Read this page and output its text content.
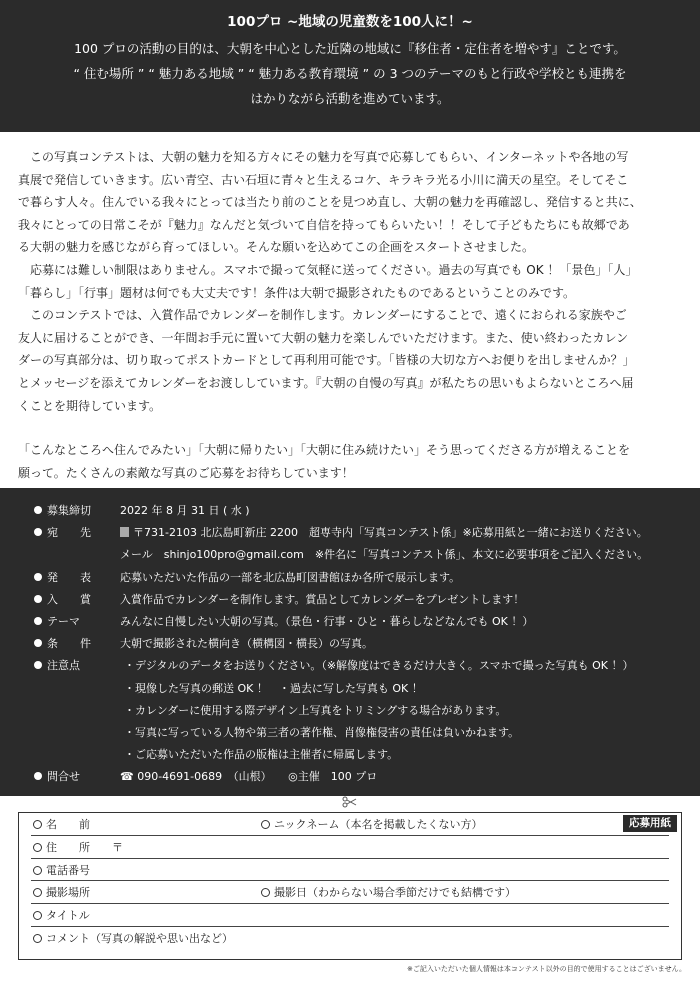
100プロ ~地域の児童数を100人に！~
100 プロの活動の目的は、大朝を中心とした近隣の地域に『移住者・定住者を増やす』ことです。
“ 住む場所 ” “ 魅力ある地域 ” “ 魅力ある教育環境 ” の 3 つのテーマのもと行政や学校とも連携を
はかりながら活動を進めています。

　この写真コンテストは、大朝の魅力を知る方々にその魅力を写真で応募してもらい、インターネットや各地の写

真展で発信していきます。広い青空、古い石垣に青々と生えるコケ、キラキラ光る小川に満天の星空。そしてそこ

で暮らす人々。住んでいる我々にとっては当たり前のことを見つめ直し、大朝の魅力を再確認し、発信すると共に、

我々にとっての日常こそが『魅力』なんだと気づいて自信を持ってもらいたい！！そして子どもたちにも故郷であ

る大朝の魅力を感じながら育ってほしい。そんな願いを込めてこの企画をスタートさせました。

　応募には難しい制限はありません。スマホで撮って気軽に送ってください。過去の写真でも OK ！「景色」「人」

「暮らし」「行事」題材は何でも大丈夫です！条件は大朝で撮影されたものであるということのみです。

　このコンテストでは、入賞作品でカレンダーを制作します。カレンダーにすることで、遠くにおられる家族やご

友人に届けることができ、一年間お手元に置いて大朝の魅力を楽しんでいただけます。また、使い終わったカレン

ダーの写真部分は、切り取ってポストカードとして再利用可能です。「皆様の大切な方へお便りを出しませんか？」

とメッセージを添えてカレンダーをお渡ししています。『大朝の自慢の写真』が私たちの思いもよらないところへ届

くことを期待しています。

「こんなところへ住んでみたい」「大朝に帰りたい」「大朝に住み続けたい」そう思ってくださる方が増えることを

願って。たくさんの素敵な写真のご応募をお待ちしています！

募集締切	2022 年 8 月 31 日 ( 水 )
宛　　先	〒731-2103 北広島町新庄 2200　超専寺内「写真コンテスト係」※応募用紙と一緒にお送りください。
メール　shinjo100pro@gmail.com　※件名に「写真コンテスト係」、本文に必要事項をご記入ください。
発　　表	応募いただいた作品の一部を北広島町図書館ほか各所で展示します。
入　　賞	入賞作品でカレンダーを制作します。賞品としてカレンダーをプレゼントします！
テーマ	みんなに自慢したい大朝の写真。（景色・行事・ひと・暮らしなどなんでも OK ！）
条　　件	大朝で撮影された横向き（横構図・横長）の写真。
注意点	・デジタルのデータをお送りください。（※解像度はできるだけ大きく。スマホで撮った写真も OK ！）
・現像した写真の郵送 OK ！　・過去に写した写真も OK ！
・カレンダーに使用する際デザイン上写真をトリミングする場合があります。
・写真に写っている人物や第三者の著作権、肖像権侵害の責任は負いかねます。
・ご応募いただいた作品の版権は主催者に帰属します。
問合せ	☎ 090-4691-0689　（山根）　　◎主催　100 プロ
応募用紙
名　　前	ニックネーム（本名を掲載したくない方）
住　　所　　〒
電話番号
撮影場所	撮影日（わからない場合季節だけでも結構です）
タイトル
コメント（写真の解説や思い出など）
※ご記入いただいた個人情報は本コンテスト以外の目的で使用することはございません。
